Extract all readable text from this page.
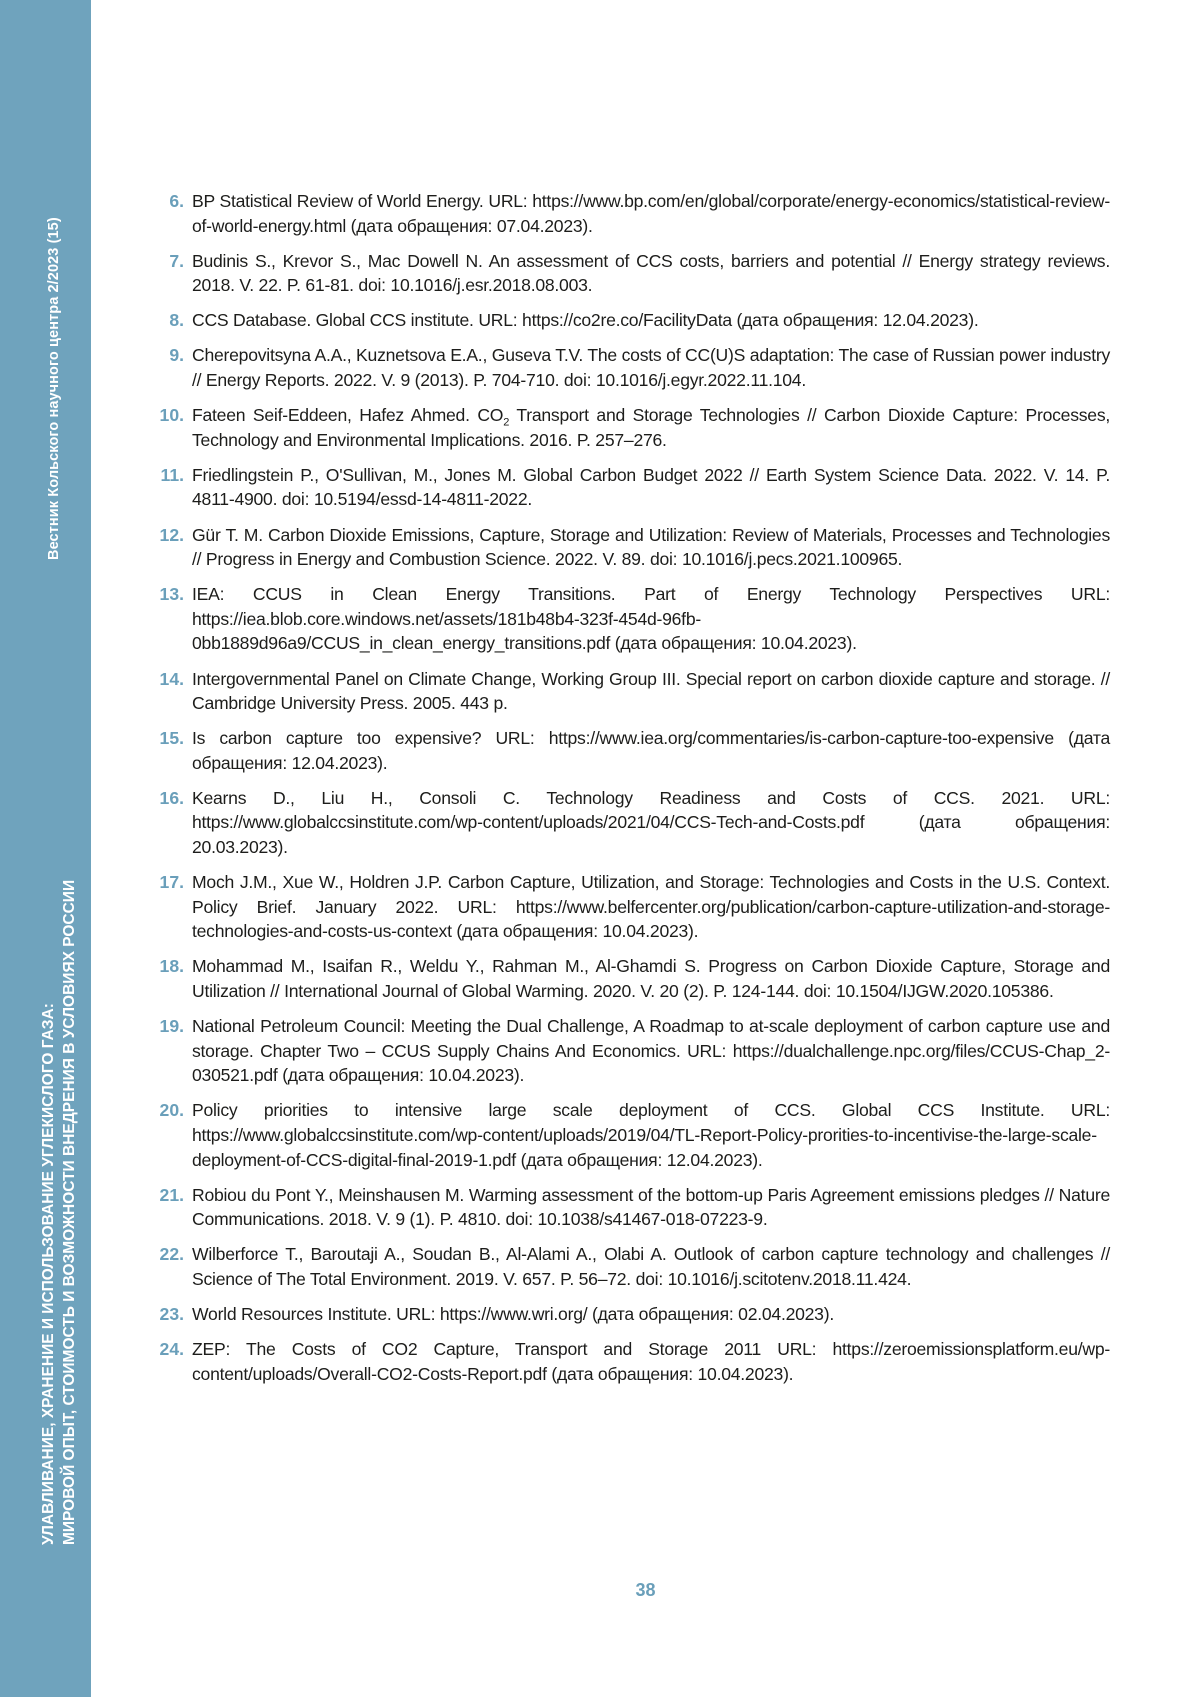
Вестник Кольского научного центра 2/2023 (15)
УЛАВЛИВАНИЕ, ХРАНЕНИЕ И ИСПОЛЬЗОВАНИЕ УГЛЕКИСЛОГО ГАЗА: МИРОВОЙ ОПЫТ, СТОИМОСТЬ И ВОЗМОЖНОСТИ ВНЕДРЕНИЯ В УСЛОВИЯХ РОССИИ
6. BP Statistical Review of World Energy. URL: https://www.bp.com/en/global/corporate/energy-economics/statistical-review-of-world-energy.html (дата обращения: 07.04.2023).
7. Budinis S., Krevor S., Mac Dowell N. An assessment of CCS costs, barriers and potential // Energy strategy reviews. 2018. V. 22. P. 61-81. doi: 10.1016/j.esr.2018.08.003.
8. CCS Database. Global CCS institute. URL: https://co2re.co/FacilityData (дата обращения: 12.04.2023).
9. Cherepovitsyna A.A., Kuznetsova E.A., Guseva T.V. The costs of CC(U)S adaptation: The case of Russian power industry // Energy Reports. 2022. V. 9 (2013). P. 704-710. doi: 10.1016/j.egyr.2022.11.104.
10. Fateen Seif-Eddeen, Hafez Ahmed. $CO_2$ Transport and Storage Technologies // Carbon Dioxide Capture: Processes, Technology and Environmental Implications. 2016. P. 257–276.
11. Friedlingstein P., O'Sullivan, M., Jones M. Global Carbon Budget 2022 // Earth System Science Data. 2022. V. 14. P. 4811-4900. doi: 10.5194/essd-14-4811-2022.
12. Gür T. M. Carbon Dioxide Emissions, Capture, Storage and Utilization: Review of Materials, Processes and Technologies // Progress in Energy and Combustion Science. 2022. V. 89. doi: 10.1016/j.pecs.2021.100965.
13. IEA: CCUS in Clean Energy Transitions. Part of Energy Technology Perspectives URL: https://iea.blob.core.windows.net/assets/181b48b4-323f-454d-96fb-0bb1889d96a9/CCUS_in_clean_energy_transitions.pdf (дата обращения: 10.04.2023).
14. Intergovernmental Panel on Climate Change, Working Group III. Special report on carbon dioxide capture and storage. // Cambridge University Press. 2005. 443 p.
15. Is carbon capture too expensive? URL: https://www.iea.org/commentaries/is-carbon-capture-too-expensive (дата обращения: 12.04.2023).
16. Kearns D., Liu H., Consoli C. Technology Readiness and Costs of CCS. 2021. URL: https://www.globalccsinstitute.com/wp-content/uploads/2021/04/CCS-Tech-and-Costs.pdf (дата обращения: 20.03.2023).
17. Moch J.M., Xue W., Holdren J.P. Carbon Capture, Utilization, and Storage: Technologies and Costs in the U.S. Context. Policy Brief. January 2022. URL: https://www.belfercenter.org/publication/carbon-capture-utilization-and-storage-technologies-and-costs-us-context (дата обращения: 10.04.2023).
18. Mohammad M., Isaifan R., Weldu Y., Rahman M., Al-Ghamdi S. Progress on Carbon Dioxide Capture, Storage and Utilization // International Journal of Global Warming. 2020. V. 20 (2). P. 124-144. doi: 10.1504/IJGW.2020.105386.
19. National Petroleum Council: Meeting the Dual Challenge, A Roadmap to at-scale deployment of carbon capture use and storage. Chapter Two – CCUS Supply Chains And Economics. URL: https://dualchallenge.npc.org/files/CCUS-Chap_2-030521.pdf (дата обращения: 10.04.2023).
20. Policy priorities to intensive large scale deployment of CCS. Global CCS Institute. URL: https://www.globalccsinstitute.com/wp-content/uploads/2019/04/TL-Report-Policy-prorities-to-incentivise-the-large-scale-deployment-of-CCS-digital-final-2019-1.pdf (дата обращения: 12.04.2023).
21. Robiou du Pont Y., Meinshausen M. Warming assessment of the bottom-up Paris Agreement emissions pledges // Nature Communications. 2018. V. 9 (1). P. 4810. doi: 10.1038/s41467-018-07223-9.
22. Wilberforce T., Baroutaji A., Soudan B., Al-Alami A., Olabi A. Outlook of carbon capture technology and challenges // Science of The Total Environment. 2019. V. 657. P. 56–72. doi: 10.1016/j.scitotenv.2018.11.424.
23. World Resources Institute. URL: https://www.wri.org/ (дата обращения: 02.04.2023).
24. ZEP: The Costs of CO2 Capture, Transport and Storage 2011 URL: https://zeroemissionsplatform.eu/wp-content/uploads/Overall-CO2-Costs-Report.pdf (дата обращения: 10.04.2023).
38
